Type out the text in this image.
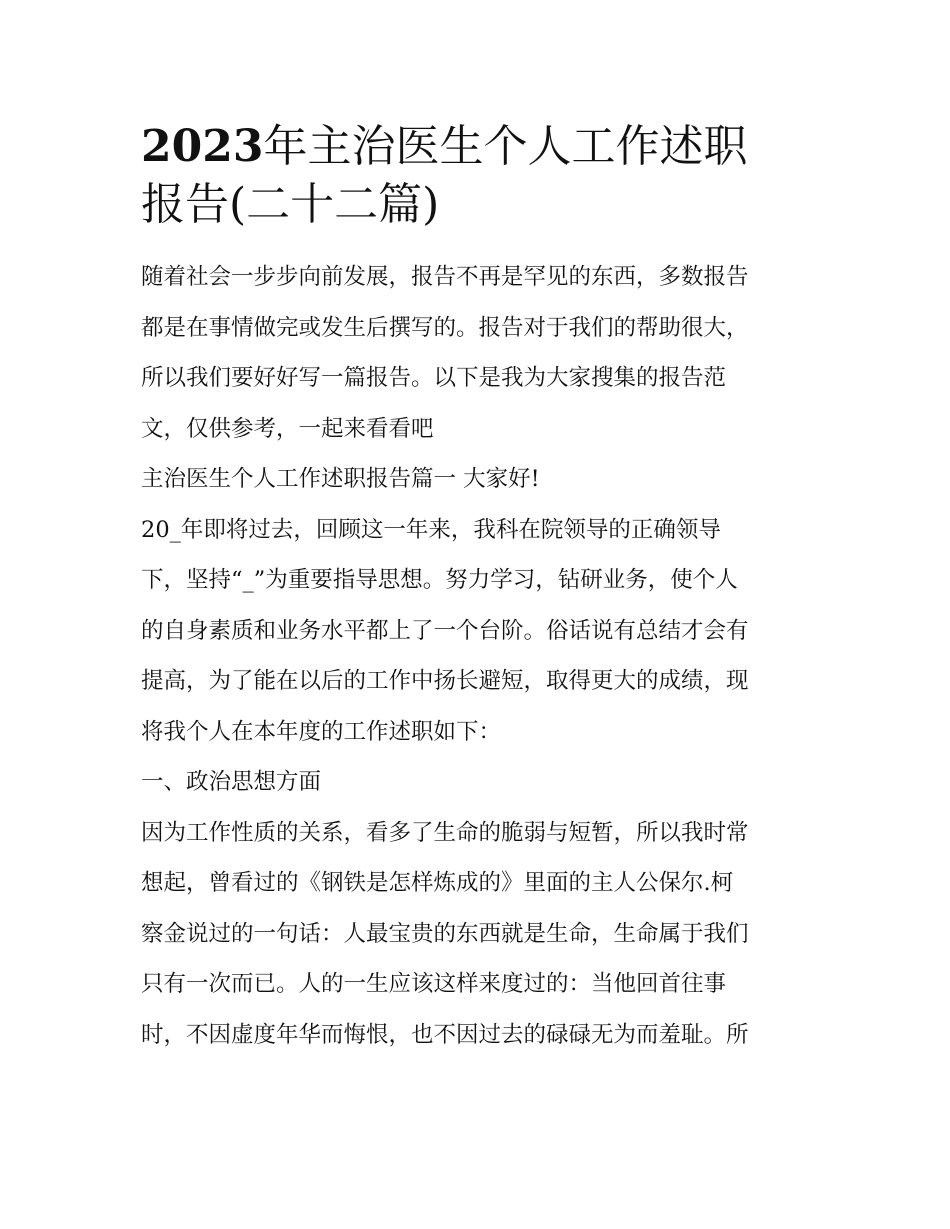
2023年主治医生个人工作述职
报告(二十二篇)
随着社会一步步向前发展，报告不再是罕见的东西，多数报告
都是在事情做完或发生后撰写的。报告对于我们的帮助很大，
所以我们要好好写一篇报告。以下是我为大家搜集的报告范
文，仅供参考，一起来看看吧
主治医生个人工作述职报告篇一 大家好!
20_年即将过去，回顾这一年来，我科在院领导的正确领导
下，坚持“_”为重要指导思想。努力学习，钻研业务，使个人
的自身素质和业务水平都上了一个台阶。俗话说有总结才会有
提高，为了能在以后的工作中扬长避短，取得更大的成绩，现
将我个人在本年度的工作述职如下：
一、政治思想方面
因为工作性质的关系，看多了生命的脆弱与短暂，所以我时常
想起，曾看过的《钢铁是怎样炼成的》里面的主人公保尔.柯
察金说过的一句话：人最宝贵的东西就是生命，生命属于我们
只有一次而已。人的一生应该这样来度过的：当他回首往事
时，不因虚度年华而悔恨，也不因过去的碌碌无为而羞耻。所
